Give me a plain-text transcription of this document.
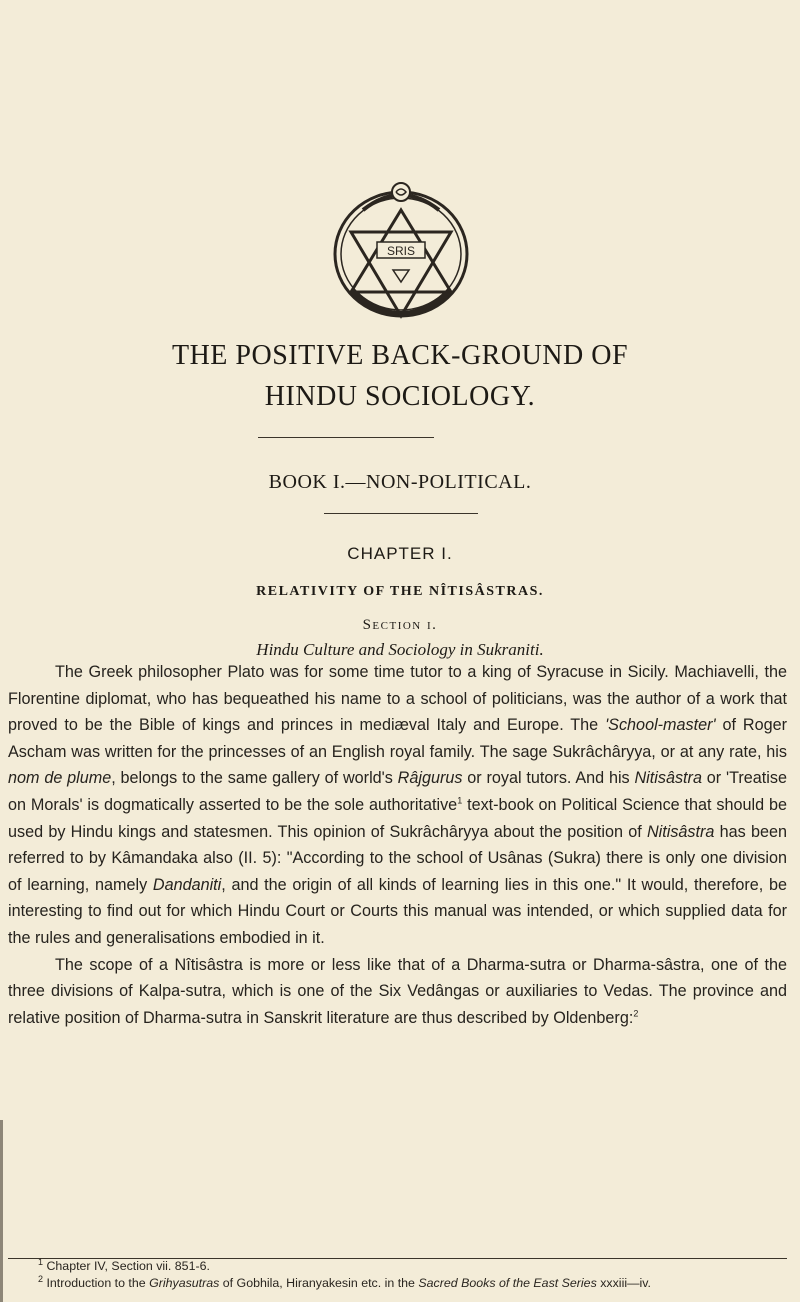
SRIS
THE POSITIVE BACK-GROUND OF
HINDU SOCIOLOGY.
BOOK I.—NON-POLITICAL.
CHAPTER I.
RELATIVITY OF THE NÎTISÂSTRAS.
Section i.
Hindu Culture and Sociology in Sukraniti.

The Greek philosopher Plato was for some time tutor to a king of Syracuse in Sicily. Machiavelli, the Florentine diplomat, who has bequeathed his name to a school of politicians, was the author of a work that proved to be the Bible of kings and princes in mediæval Italy and Europe. The 'School-master' of Roger Ascham was written for the princesses of an English royal family. The sage Sukrâchâryya, or at any rate, his nom de plume, belongs to the same gallery of world's Râjgurus or royal tutors. And his Nitisâstra or 'Treatise on Morals' is dogmatically asserted to be the sole authoritative$^1$ text-book on Political Science that should be used by Hindu kings and statesmen. This opinion of Sukrâchâryya about the position of Nitisâstra has been referred to by Kâmandaka also (II. 5): "According to the school of Usânas (Sukra) there is only one division of learning, namely Dandaniti, and the origin of all kinds of learning lies in this one." It would, therefore, be interesting to find out for which Hindu Court or Courts this manual was intended, or which supplied data for the rules and generalisations embodied in it.

The scope of a Nîtisâstra is more or less like that of a Dharma-sutra or Dharma-sâstra, one of the three divisions of Kalpa-sutra, which is one of the Six Vedângas or auxiliaries to Vedas. The province and relative position of Dharma-sutra in Sanskrit literature are thus described by Oldenberg:$^2$

$^1$ Chapter IV, Section vii. 851-6.

$^2$ Introduction to the Grihyasutras of Gobhila, Hiranyakesin etc. in the Sacred Books of the East Series xxxiii—iv.
